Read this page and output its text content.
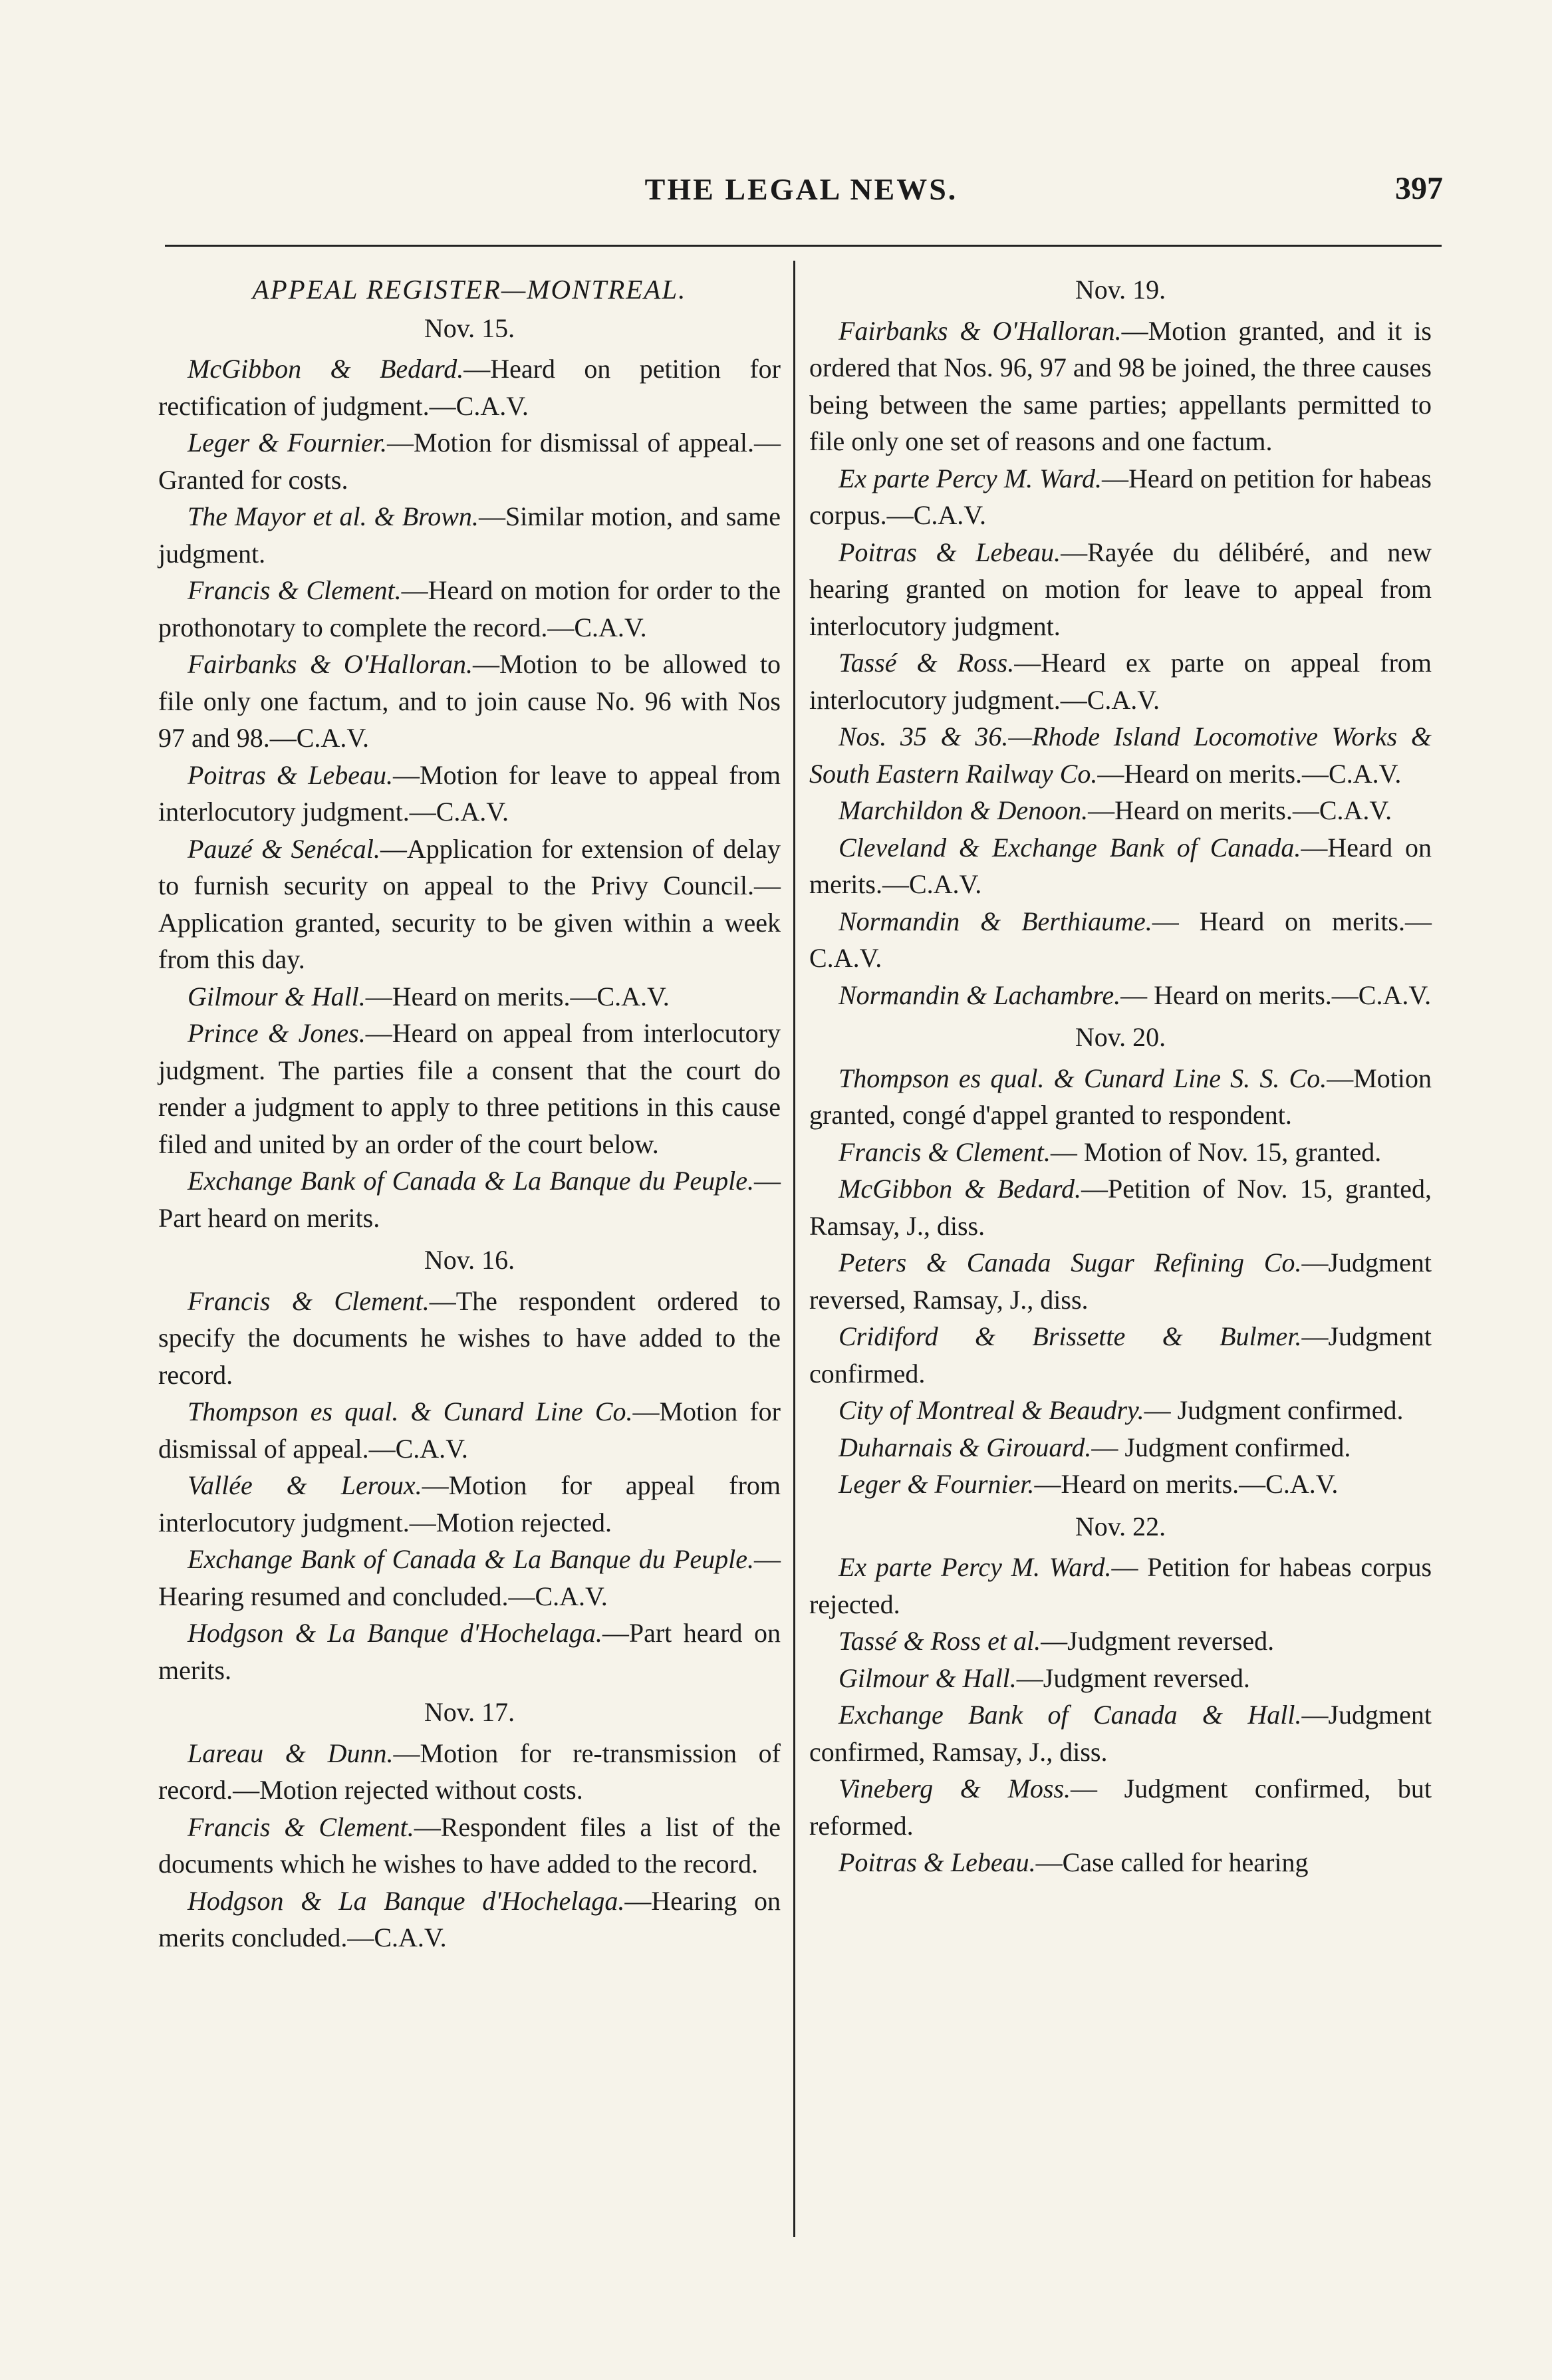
THE LEGAL NEWS.	397

APPEAL REGISTER—MONTREAL.

Nov. 15.

McGibbon & Bedard.—Heard on petition for rectification of judgment.—C.A.V.

Leger & Fournier.—Motion for dismissal of appeal.—Granted for costs.

The Mayor et al. & Brown.—Similar motion, and same judgment.

Francis & Clement.—Heard on motion for order to the prothonotary to complete the record.—C.A.V.

Fairbanks & O'Halloran.—Motion to be allowed to file only one factum, and to join cause No. 96 with Nos 97 and 98.—C.A.V.

Poitras & Lebeau.—Motion for leave to appeal from interlocutory judgment.—C.A.V.

Pauzé & Senécal.—Application for extension of delay to furnish security on appeal to the Privy Council.—Application granted, security to be given within a week from this day.

Gilmour & Hall.—Heard on merits.—C.A.V.

Prince & Jones.—Heard on appeal from interlocutory judgment. The parties file a consent that the court do render a judgment to apply to three petitions in this cause filed and united by an order of the court below.

Exchange Bank of Canada & La Banque du Peuple.—Part heard on merits.

Nov. 16.

Francis & Clement.—The respondent ordered to specify the documents he wishes to have added to the record.

Thompson es qual. & Cunard Line Co.—Motion for dismissal of appeal.—C.A.V.

Vallée & Leroux.—Motion for appeal from interlocutory judgment.—Motion rejected.

Exchange Bank of Canada & La Banque du Peuple.—Hearing resumed and concluded.—C.A.V.

Hodgson & La Banque d'Hochelaga.—Part heard on merits.

Nov. 17.

Lareau & Dunn.—Motion for re-transmission of record.—Motion rejected without costs.

Francis & Clement.—Respondent files a list of the documents which he wishes to have added to the record.

Hodgson & La Banque d'Hochelaga.—Hearing on merits concluded.—C.A.V.

Nov. 19.

Fairbanks & O'Halloran.—Motion granted, and it is ordered that Nos. 96, 97 and 98 be joined, the three causes being between the same parties; appellants permitted to file only one set of reasons and one factum.

Ex parte Percy M. Ward.—Heard on petition for habeas corpus.—C.A.V.

Poitras & Lebeau.—Rayée du délibéré, and new hearing granted on motion for leave to appeal from interlocutory judgment.

Tassé & Ross.—Heard ex parte on appeal from interlocutory judgment.—C.A.V.

Nos. 35 & 36.—Rhode Island Locomotive Works & South Eastern Railway Co.—Heard on merits.—C.A.V.

Marchildon & Denoon.—Heard on merits.—C.A.V.

Cleveland & Exchange Bank of Canada.—Heard on merits.—C.A.V.

Normandin & Berthiaume.— Heard on merits.—C.A.V.

Normandin & Lachambre.— Heard on merits.—C.A.V.

Nov. 20.

Thompson es qual. & Cunard Line S. S. Co.—Motion granted, congé d'appel granted to respondent.

Francis & Clement.— Motion of Nov. 15, granted.

McGibbon & Bedard.—Petition of Nov. 15, granted, Ramsay, J., diss.

Peters & Canada Sugar Refining Co.—Judgment reversed, Ramsay, J., diss.

Cridiford & Brissette & Bulmer.—Judgment confirmed.

City of Montreal & Beaudry.— Judgment confirmed.

Duharnais & Girouard.— Judgment confirmed.

Leger & Fournier.—Heard on merits.—C.A.V.

Nov. 22.

Ex parte Percy M. Ward.— Petition for habeas corpus rejected.

Tassé & Ross et al.—Judgment reversed.

Gilmour & Hall.—Judgment reversed.

Exchange Bank of Canada & Hall.—Judgment confirmed, Ramsay, J., diss.

Vineberg & Moss.— Judgment confirmed, but reformed.

Poitras & Lebeau.—Case called for hearing
